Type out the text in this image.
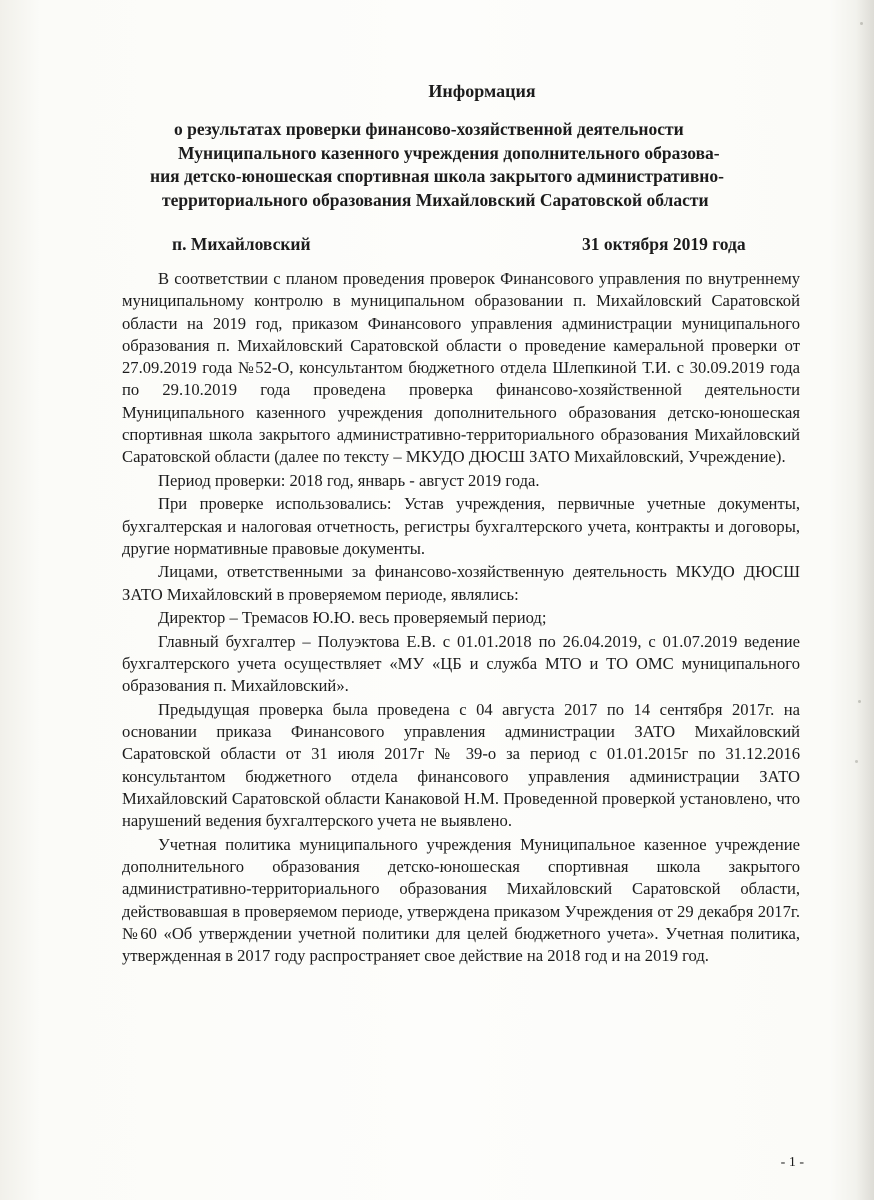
Информация
о результатах проверки финансово-хозяйственной деятельности
Муниципального казенного учреждения дополнительного образова-
ния детско-юношеская спортивная школа закрытого административно-
территориального образования Михайловский Саратовской области
п. Михайловский	31 октября 2019 года

В соответствии с планом проведения проверок Финансового управления по внутреннему муниципальному контролю в муниципальном образовании п. Михайловский Саратовской области на 2019 год, приказом Финансового управления администрации муниципального образования п. Михайловский Саратовской области о проведение камеральной проверки от 27.09.2019 года №52-О, консультантом бюджетного отдела Шлепкиной Т.И. с 30.09.2019 года по 29.10.2019 года проведена проверка финансово-хозяйственной деятельности Муниципального казенного учреждения дополнительного образования детско-юношеская спортивная школа закрытого административно-территориального образования Михайловский Саратовской области (далее по тексту – МКУДО ДЮСШ ЗАТО Михайловский, Учреждение).

Период проверки: 2018 год, январь - август 2019 года.

При проверке использовались: Устав учреждения, первичные учетные документы, бухгалтерская и налоговая отчетность, регистры бухгалтерского учета, контракты и договоры, другие нормативные правовые документы.

Лицами, ответственными за финансово-хозяйственную деятельность МКУДО ДЮСШ ЗАТО Михайловский в проверяемом периоде, являлись:

Директор – Тремасов Ю.Ю. весь проверяемый период;

Главный бухгалтер – Полуэктова Е.В. с 01.01.2018 по 26.04.2019, с 01.07.2019 ведение бухгалтерского учета осуществляет «МУ «ЦБ и служба МТО и ТО ОМС муниципального образования п. Михайловский».

Предыдущая проверка была проведена с 04 августа 2017 по 14 сентября 2017г. на основании приказа Финансового управления администрации ЗАТО Михайловский Саратовской области от 31 июля 2017г № 39-о за период с 01.01.2015г по 31.12.2016 консультантом бюджетного отдела финансового управления администрации ЗАТО Михайловский Саратовской области Канаковой Н.М. Проведенной проверкой установлено, что нарушений ведения бухгалтерского учета не выявлено.

Учетная политика муниципального учреждения Муниципальное казенное учреждение дополнительного образования детско-юношеская спортивная школа закрытого административно-территориального образования Михайловский Саратовской области, действовавшая в проверяемом периоде, утверждена приказом Учреждения от 29 декабря 2017г. №60 «Об утверждении учетной политики для целей бюджетного учета». Учетная политика, утвержденная в 2017 году распространяет свое действие на 2018 год и на 2019 год.

- 1 -
